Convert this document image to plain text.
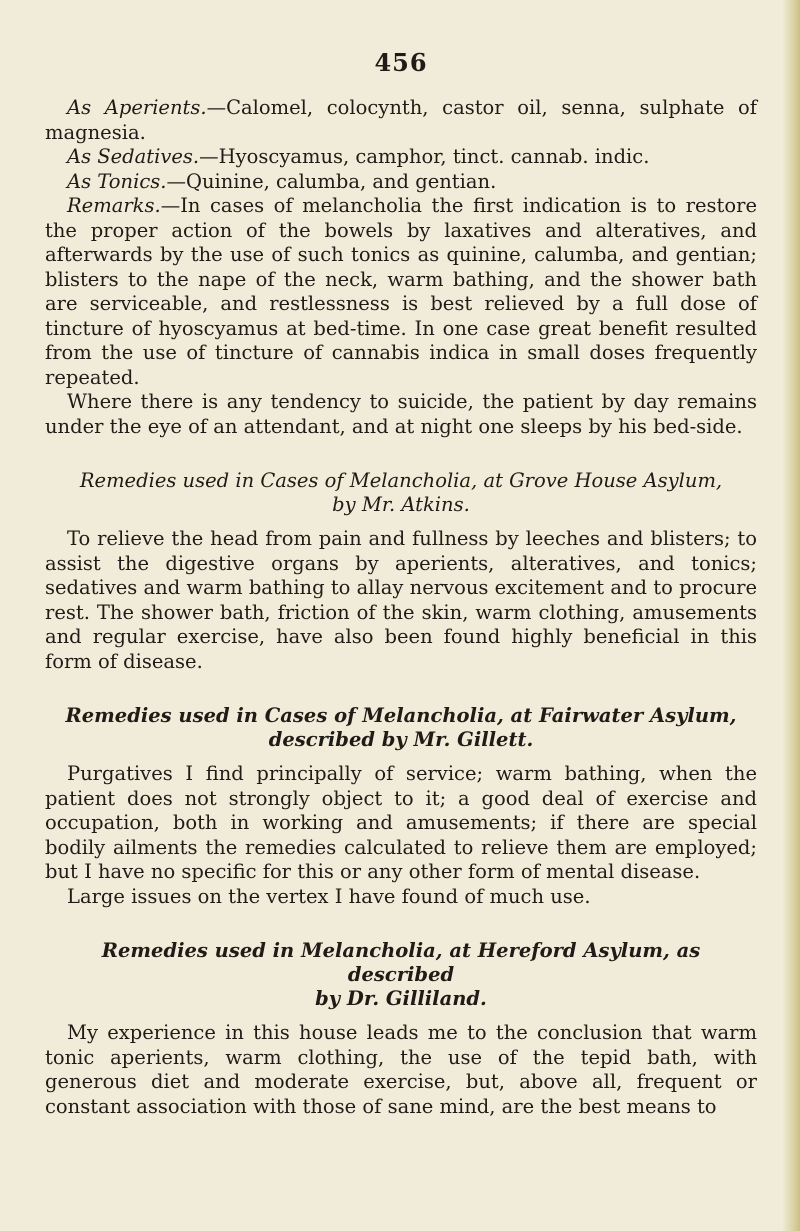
456

As Aperients.—Calomel, colocynth, castor oil, senna, sulphate of magnesia.

As Sedatives.—Hyoscyamus, camphor, tinct. cannab. indic.

As Tonics.—Quinine, calumba, and gentian.

Remarks.—In cases of melancholia the first indication is to restore the proper action of the bowels by laxatives and alteratives, and afterwards by the use of such tonics as quinine, calumba, and gentian; blisters to the nape of the neck, warm bathing, and the shower bath are serviceable, and restlessness is best relieved by a full dose of tincture of hyoscyamus at bed-time. In one case great benefit resulted from the use of tincture of cannabis indica in small doses frequently repeated.

Where there is any tendency to suicide, the patient by day remains under the eye of an attendant, and at night one sleeps by his bed-side.

Remedies used in Cases of Melancholia, at Grove House Asylum,
by Mr. Atkins.

To relieve the head from pain and fullness by leeches and blisters; to assist the digestive organs by aperients, alteratives, and tonics; sedatives and warm bathing to allay nervous excitement and to procure rest. The shower bath, friction of the skin, warm clothing, amusements and regular exercise, have also been found highly beneficial in this form of disease.

Remedies used in Cases of Melancholia, at Fairwater Asylum,
described by Mr. Gillett.

Purgatives I find principally of service; warm bathing, when the patient does not strongly object to it; a good deal of exercise and occupation, both in working and amusements; if there are special bodily ailments the remedies calculated to relieve them are employed; but I have no specific for this or any other form of mental disease.

Large issues on the vertex I have found of much use.

Remedies used in Melancholia, at Hereford Asylum, as described
by Dr. Gilliland.

My experience in this house leads me to the conclusion that warm tonic aperients, warm clothing, the use of the tepid bath, with generous diet and moderate exercise, but, above all, frequent or constant association with those of sane mind, are the best means to
